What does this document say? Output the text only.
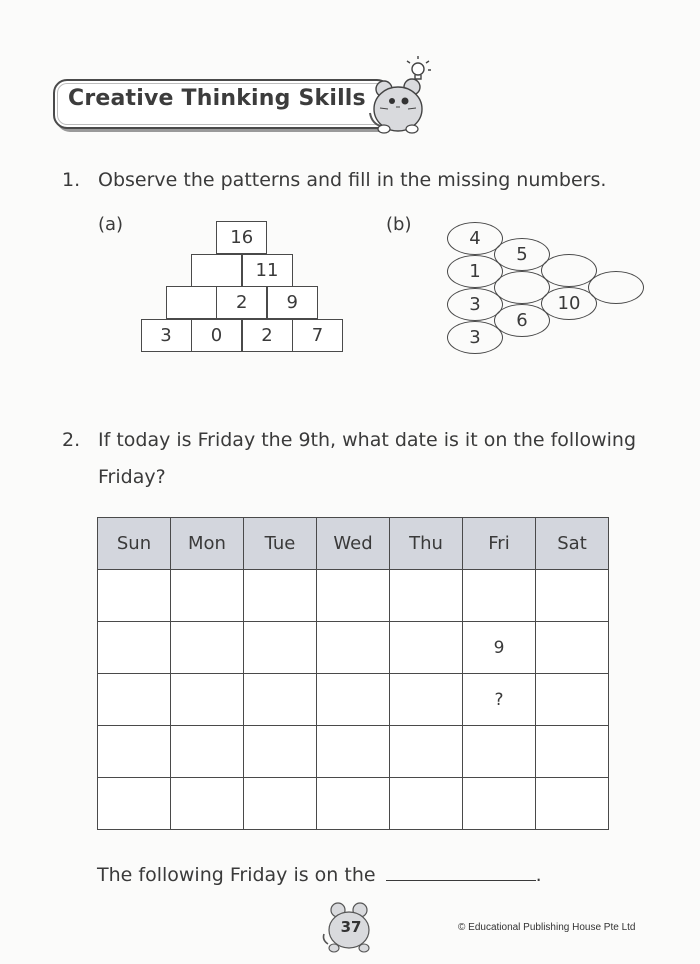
Creative Thinking Skills
1. Observe the patterns and fill in the missing numbers.
(a)
16
11
2	9
3	0	2	7
(b)
4
1
3
3
5
6
10
2. If today is Friday the 9th, what date is it on the following
Friday?
Sun	Mon	Tue	Wed	Thu	Fri	Sat

					9	
					?	

The following Friday is on the	.
37	© Educational Publishing House Pte Ltd
